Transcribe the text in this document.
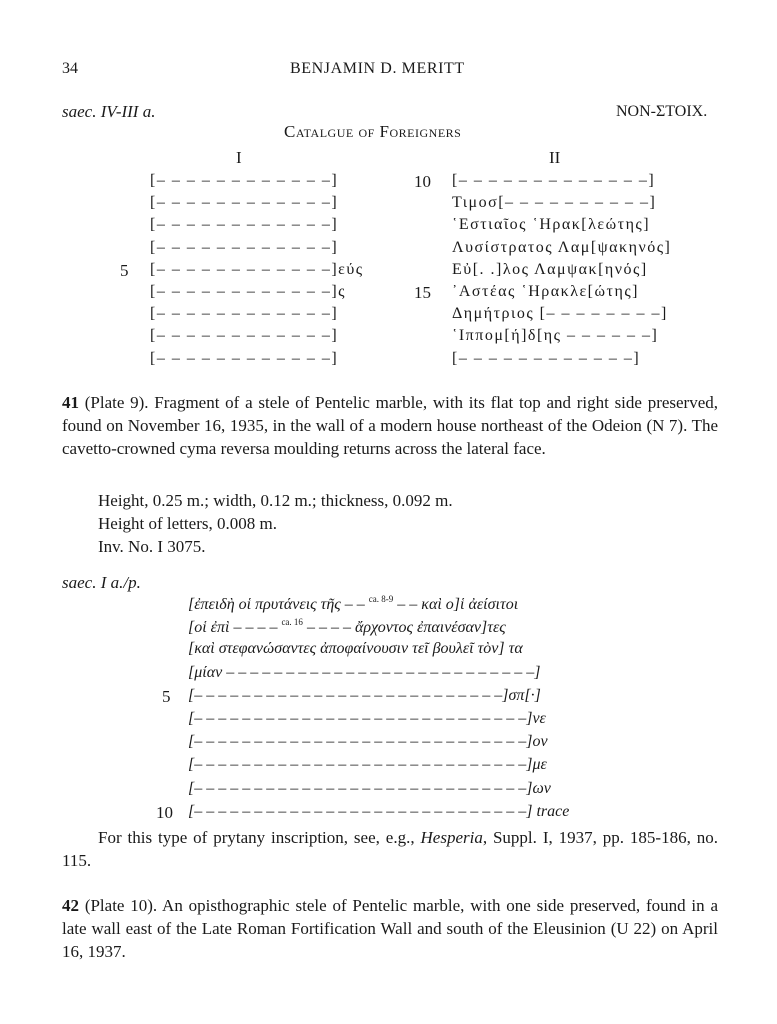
34	BENJAMIN D. MERITT
saec. IV-III a.	NON-ΣΤΟΙΧ.
Catalgue of Foreigners
I	II
[– – – – – – – – – – – –]
[– – – – – – – – – – – –]
[– – – – – – – – – – – –]
[– – – – – – – – – – – –]
5 [– – – – – – – – – – – –]εύς
[– – – – – – – – – – – –]ς
[– – – – – – – – – – – –]
[– – – – – – – – – – – –]
[– – – – – – – – – – – –]
10 [– – – – – – – – – – – – –]
Τιμοσ[– – – – – – – – – –]
῾Εστιαῖος ῾Ηρακ[λεώτης]
Λυσίστρατος Λαμ[ψακηνός]
Εὐ[. .]λος Λαμψακ[ηνός]
15 ᾿Αστέας ῾Ηρακλε[ώτης]
Δημήτριος [– – – – – – – –]
῾Ιππομ[ή]δ[ης – – – – – –]
[– – – – – – – – – – – –]
41 (Plate 9). Fragment of a stele of Pentelic marble, with its flat top and right side preserved, found on November 16, 1935, in the wall of a modern house northeast of the Odeion (N 7). The cavetto-crowned cyma reversa moulding returns across the lateral face.
Height, 0.25 m.; width, 0.12 m.; thickness, 0.092 m.
Height of letters, 0.008 m.
Inv. No. I 3075.
saec. I a./p.
[ἐπειδὴ οἱ πρυτάνεις τῆς – – $^{ca. 8-9}$ – – καὶ ο]ἱ ἀείσιτοι
[οἱ ἐπὶ – – – – $^{ca. 16}$ – – – – ἄρχοντος ἐπαινέσαν]τες
[καὶ στεφανώσαντες ἀποφαίνουσιν τεῖ βουλεῖ τὸν] τα
[μίαν – – – – – – – – – – – – – – – – – – – – – – – – – –]
5 [– – – – – – – – – – – – – – – – – – – – – – – – – –]σπ[·]
[– – – – – – – – – – – – – – – – – – – – – – – – – – – –]νε
[– – – – – – – – – – – – – – – – – – – – – – – – – – – –]ον
[– – – – – – – – – – – – – – – – – – – – – – – – – – – –]με
[– – – – – – – – – – – – – – – – – – – – – – – – – – – –]ων
10 [– – – – – – – – – – – – – – – – – – – – – – – – – – – –] trace
For this type of prytany inscription, see, e.g., Hesperia, Suppl. I, 1937, pp. 185-186, no. 115.
42 (Plate 10). An opisthographic stele of Pentelic marble, with one side preserved, found in a late wall east of the Late Roman Fortification Wall and south of the Eleusinion (U 22) on April 16, 1937.
